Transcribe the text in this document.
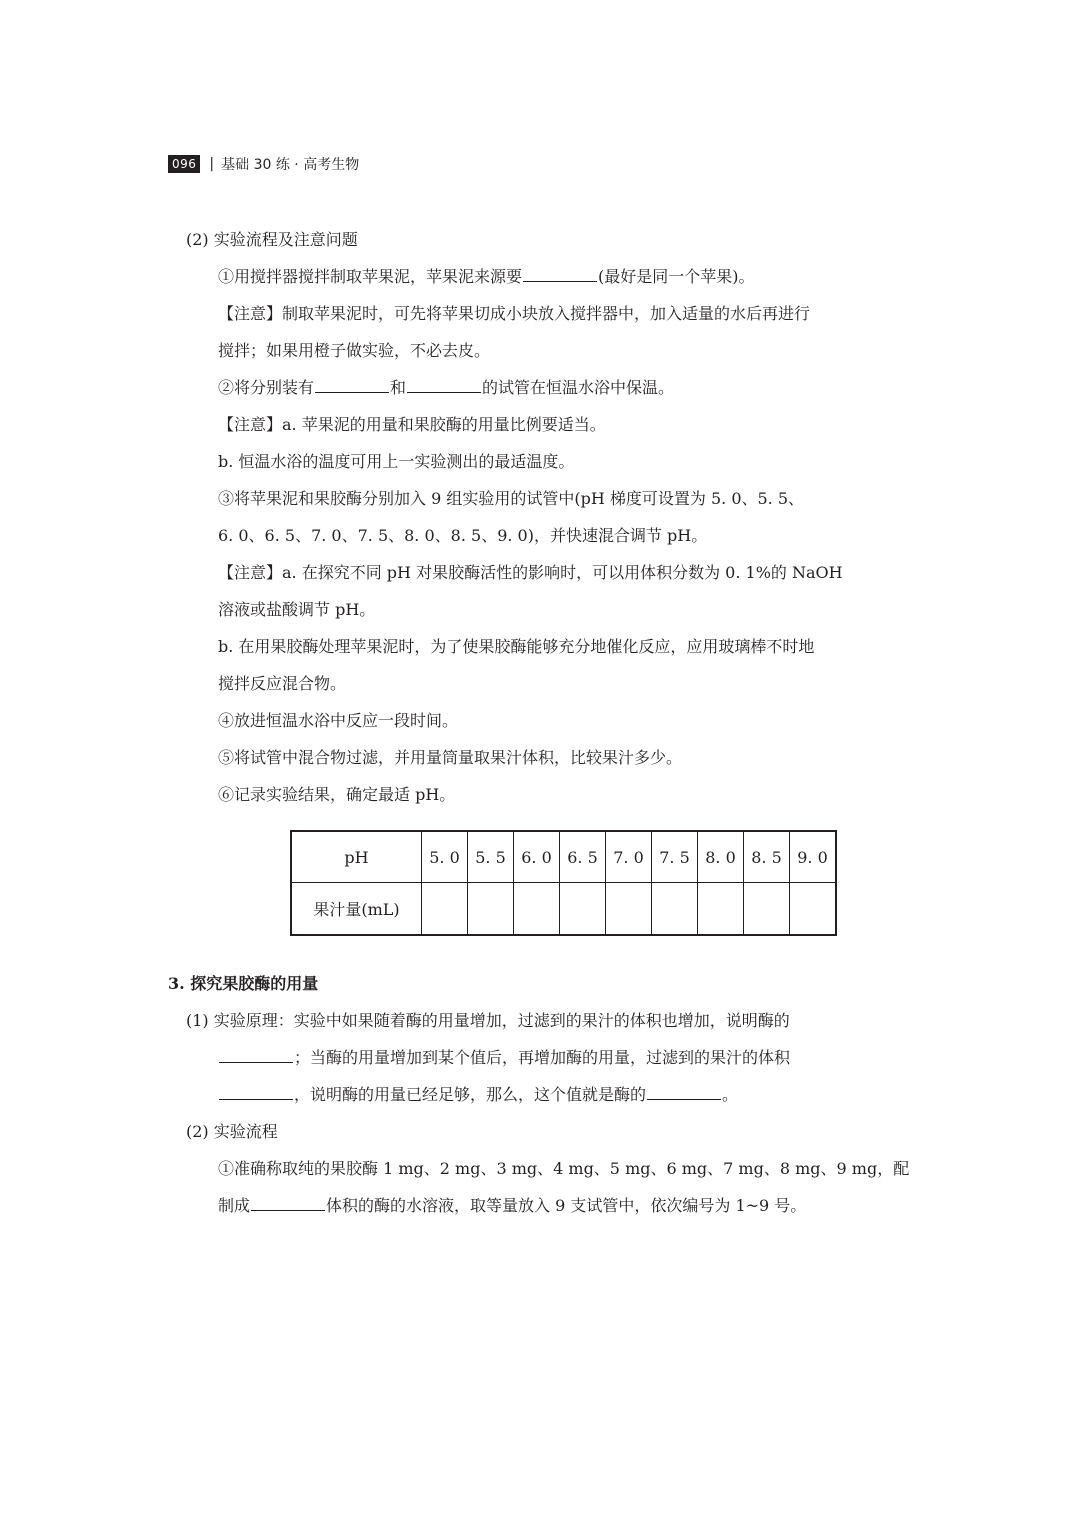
096 | 基础 30 练 · 高考生物
(2) 实验流程及注意问题
①用搅拌器搅拌制取苹果泥，苹果泥来源要	(最好是同一个苹果)。
【注意】制取苹果泥时，可先将苹果切成小块放入搅拌器中，加入适量的水后再进行
搅拌；如果用橙子做实验，不必去皮。
②将分别装有	和	的试管在恒温水浴中保温。
【注意】a. 苹果泥的用量和果胶酶的用量比例要适当。
b. 恒温水浴的温度可用上一实验测出的最适温度。
③将苹果泥和果胶酶分别加入 9 组实验用的试管中(pH 梯度可设置为 5. 0、5. 5、
6. 0、6. 5、7. 0、7. 5、8. 0、8. 5、9. 0)，并快速混合调节 pH。
【注意】a. 在探究不同 pH 对果胶酶活性的影响时，可以用体积分数为 0. 1%的 NaOH
溶液或盐酸调节 pH。
b. 在用果胶酶处理苹果泥时，为了使果胶酶能够充分地催化反应，应用玻璃棒不时地
搅拌反应混合物。
④放进恒温水浴中反应一段时间。
⑤将试管中混合物过滤，并用量筒量取果汁体积，比较果汁多少。
⑥记录实验结果，确定最适 pH。
pH	5. 0	5. 5	6. 0	6. 5	7. 0	7. 5	8. 0	8. 5	9. 0
果汁量(mL)									
3. 探究果胶酶的用量
(1) 实验原理：实验中如果随着酶的用量增加，过滤到的果汁的体积也增加，说明酶的
；当酶的用量增加到某个值后，再增加酶的用量，过滤到的果汁的体积
，说明酶的用量已经足够，那么，这个值就是酶的	。
(2) 实验流程
①准确称取纯的果胶酶 1 mg、2 mg、3 mg、4 mg、5 mg、6 mg、7 mg、8 mg、9 mg，配
制成	体积的酶的水溶液，取等量放入 9 支试管中，依次编号为 1~9 号。
